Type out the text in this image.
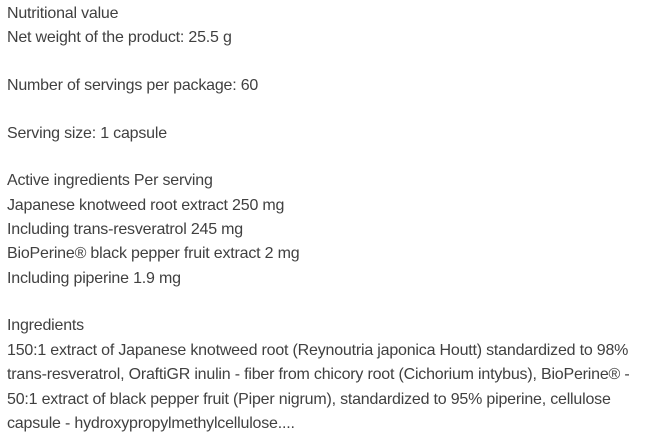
Nutritional value
Net weight of the product: 25.5 g
Number of servings per package: 60
Serving size: 1 capsule
Active ingredients Per serving
Japanese knotweed root extract 250 mg
Including trans-resveratrol 245 mg
BioPerine® black pepper fruit extract 2 mg
Including piperine 1.9 mg
Ingredients
150:1 extract of Japanese knotweed root (Reynoutria japonica Houtt) standardized to 98% trans-resveratrol, OraftiGR inulin - fiber from chicory root (Cichorium intybus), BioPerine® - 50:1 extract of black pepper fruit (Piper nigrum), standardized to 95% piperine, cellulose capsule - hydroxypropylmethylcellulose....
